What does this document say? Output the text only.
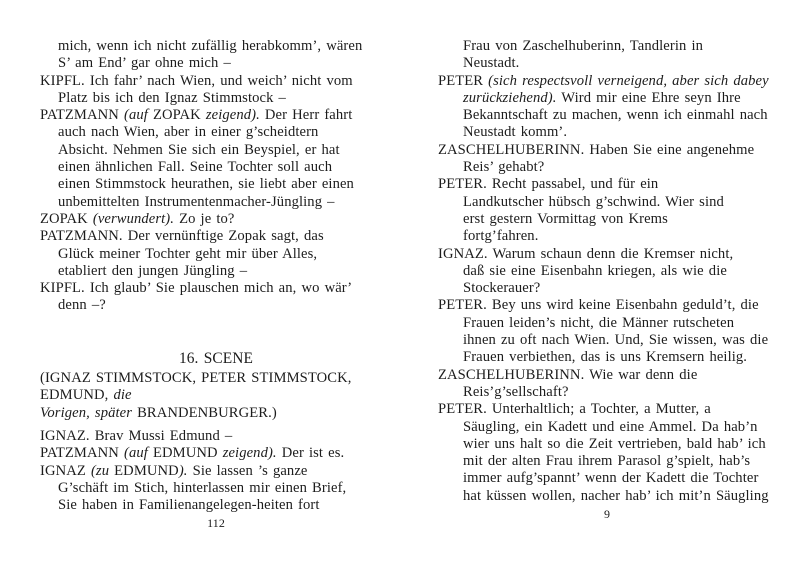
mich, wenn ich nicht zufällig herabkomm’, wären
S’ am End’ gar ohne mich –
KIPFL. Ich fahr’ nach Wien, und weich’ nicht vom
Platz bis ich den Ignaz Stimmstock –
PATZMANN (auf ZOPAK zeigend). Der Herr fahrt
auch nach Wien, aber in einer g’scheidtern
Absicht. Nehmen Sie sich ein Beyspiel, er hat
einen ähnlichen Fall. Seine Tochter soll auch
einen Stimmstock heurathen, sie liebt aber einen
unbemittelten Instrumentenmacher-Jüngling –
ZOPAK (verwundert). Zo je to?
PATZMANN. Der vernünftige Zopak sagt, das
Glück meiner Tochter geht mir über Alles,
etabliert den jungen Jüngling –
KIPFL. Ich glaub’ Sie plauschen mich an, wo wär’
denn –?
16. SCENE
(IGNAZ STIMMSTOCK, PETER STIMMSTOCK,
EDMUND, die
Vorigen, später BRANDENBURGER.)
IGNAZ. Brav Mussi Edmund –
PATZMANN (auf EDMUND zeigend). Der ist es.
IGNAZ (zu EDMUND). Sie lassen ’s ganze
G’schäft im Stich, hinterlassen mir einen Brief,
Sie haben in Familienangelegen-heiten fort
112
Frau von Zaschelhuberinn, Tandlerin in
Neustadt.
PETER (sich respectsvoll verneigend, aber sich dabey
zurückziehend). Wird mir eine Ehre seyn Ihre
Bekanntschaft zu machen, wenn ich einmahl nach
Neustadt komm’.
ZASCHELHUBERINN. Haben Sie eine angenehme
Reis’ gehabt?
PETER. Recht passabel, und für ein
Landkutscher hübsch g’schwind. Wier sind
erst gestern Vormittag von Krems
fortg’fahren.
IGNAZ. Warum schaun denn die Kremser nicht,
daß sie eine Eisenbahn kriegen, als wie die
Stockerauer?
PETER. Bey uns wird keine Eisenbahn geduld’t, die
Frauen leiden’s nicht, die Männer rutscheten
ihnen zu oft nach Wien. Und, Sie wissen, was die
Frauen verbiethen, das is uns Kremsern heilig.
ZASCHELHUBERINN. Wie war denn die
Reis’g’sellschaft?
PETER. Unterhaltlich; a Tochter, a Mutter, a
Säugling, ein Kadett und eine Ammel. Da hab’n
wier uns halt so die Zeit vertrieben, bald hab’ ich
mit der alten Frau ihrem Parasol g’spielt, hab’s
immer aufg’spannt’ wenn der Kadett die Tochter
hat küssen wollen, nacher hab’ ich mit’n Säugling
9
